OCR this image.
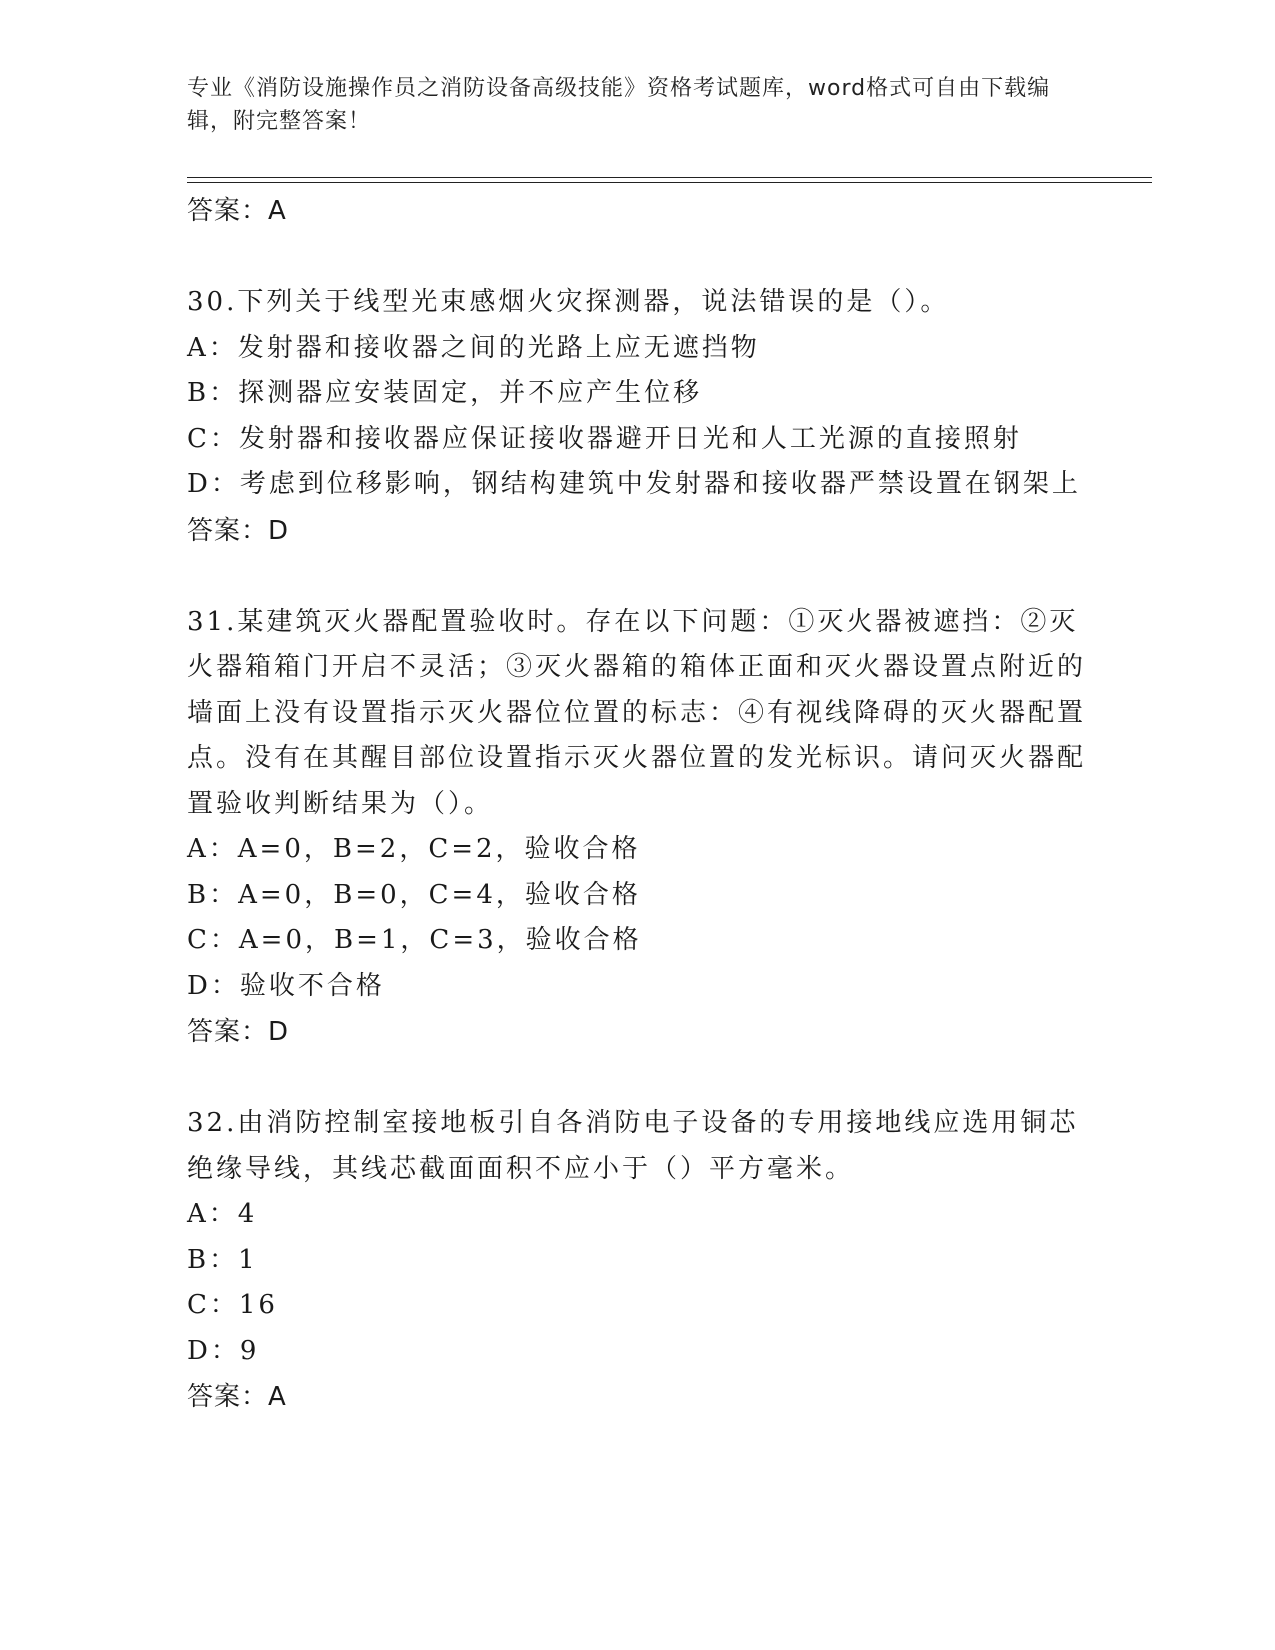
专业《消防设施操作员之消防设备高级技能》资格考试题库，word格式可自由下载编辑，附完整答案！
答案：A
30.下列关于线型光束感烟火灾探测器，说法错误的是（）。
A：发射器和接收器之间的光路上应无遮挡物
B：探测器应安装固定，并不应产生位移
C：发射器和接收器应保证接收器避开日光和人工光源的直接照射
D：考虑到位移影响，钢结构建筑中发射器和接收器严禁设置在钢架上
答案：D
31.某建筑灭火器配置验收时。存在以下问题：①灭火器被遮挡：②灭火器箱箱门开启不灵活；③灭火器箱的箱体正面和灭火器设置点附近的墙面上没有设置指示灭火器位位置的标志：④有视线降碍的灭火器配置点。没有在其醒目部位设置指示灭火器位置的发光标识。请问灭火器配置验收判断结果为（）。
A：A=0，B=2，C=2，验收合格
B：A=0，B=0，C=4，验收合格
C：A=0，B=1，C=3，验收合格
D：验收不合格
答案：D
32.由消防控制室接地板引自各消防电子设备的专用接地线应选用铜芯绝缘导线，其线芯截面面积不应小于（）平方毫米。
A：4
B：1
C：16
D：9
答案：A
